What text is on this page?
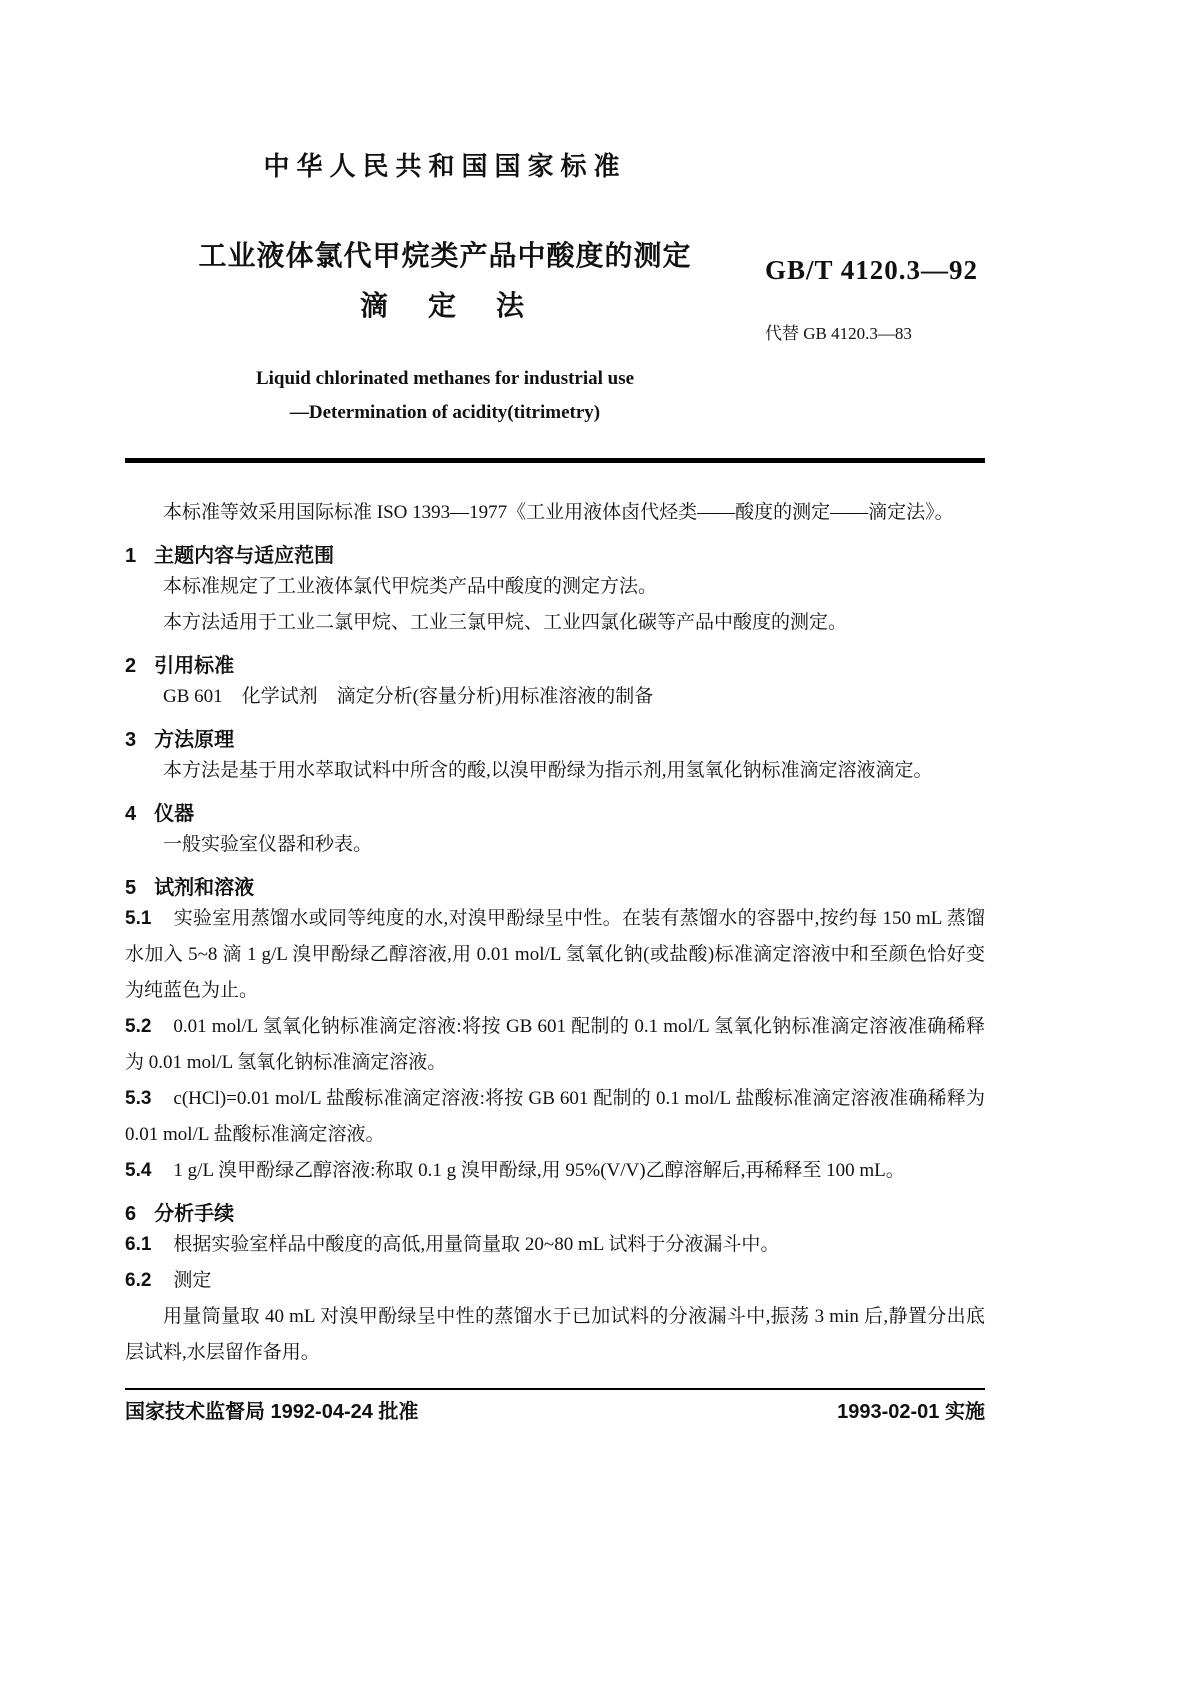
中华人民共和国国家标准
工业液体氯代甲烷类产品中酸度的测定
滴　定　法
Liquid chlorinated methanes for industrial use
—Determination of acidity(titrimetry)
GB/T 4120.3—92
代替 GB 4120.3—83

本标准等效采用国际标准 ISO 1393—1977《工业用液体卤代烃类——酸度的测定——滴定法》。

1 主题内容与适应范围

本标准规定了工业液体氯代甲烷类产品中酸度的测定方法。

本方法适用于工业二氯甲烷、工业三氯甲烷、工业四氯化碳等产品中酸度的测定。

2 引用标准

GB 601　化学试剂　滴定分析(容量分析)用标准溶液的制备

3 方法原理

本方法是基于用水萃取试料中所含的酸,以溴甲酚绿为指示剂,用氢氧化钠标准滴定溶液滴定。

4 仪器

一般实验室仪器和秒表。

5 试剂和溶液

5.1 实验室用蒸馏水或同等纯度的水,对溴甲酚绿呈中性。在装有蒸馏水的容器中,按约每 150 mL 蒸馏水加入 5~8 滴 1 g/L 溴甲酚绿乙醇溶液,用 0.01 mol/L 氢氧化钠(或盐酸)标准滴定溶液中和至颜色恰好变为纯蓝色为止。

5.2 0.01 mol/L 氢氧化钠标准滴定溶液:将按 GB 601 配制的 0.1 mol/L 氢氧化钠标准滴定溶液准确稀释为 0.01 mol/L 氢氧化钠标准滴定溶液。

5.3 c(HCl)=0.01 mol/L 盐酸标准滴定溶液:将按 GB 601 配制的 0.1 mol/L 盐酸标准滴定溶液准确稀释为 0.01 mol/L 盐酸标准滴定溶液。

5.4 1 g/L 溴甲酚绿乙醇溶液:称取 0.1 g 溴甲酚绿,用 95%(V/V)乙醇溶解后,再稀释至 100 mL。

6 分析手续

6.1 根据实验室样品中酸度的高低,用量筒量取 20~80 mL 试料于分液漏斗中。

6.2 测定

用量筒量取 40 mL 对溴甲酚绿呈中性的蒸馏水于已加试料的分液漏斗中,振荡 3 min 后,静置分出底层试料,水层留作备用。

国家技术监督局 1992-04-24 批准	1993-02-01 实施
